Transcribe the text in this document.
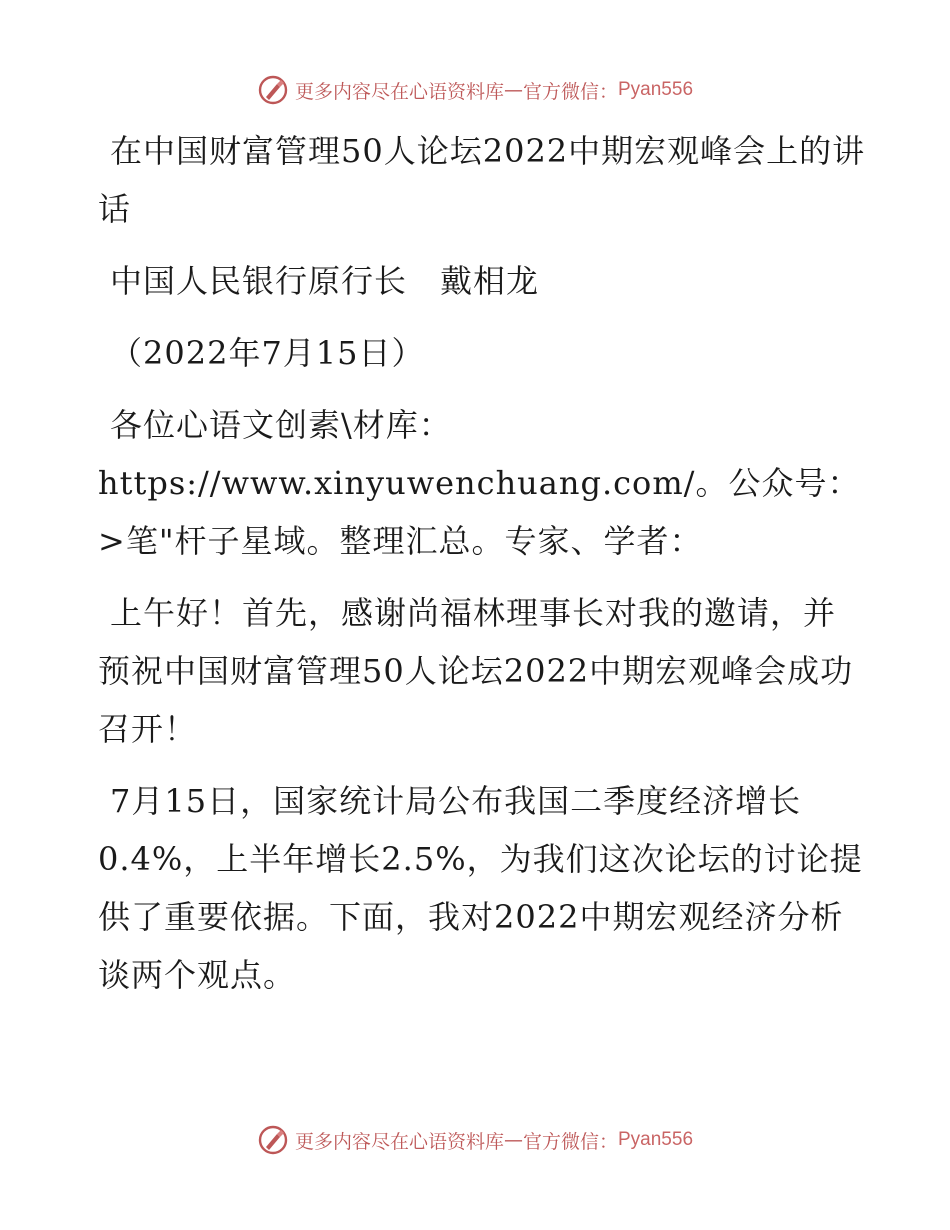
更多内容尽在心语资料库 — 官方微信： Pyan556

在中国财富管理50人论坛2022中期宏观峰会上的讲话

中国人民银行原行长　戴相龙

（2022年7月15日）

各位心语文创素\材库：https://www.xinyuwenchuang.com/。公众号：>笔"杆子星域。整理汇总。专家、学者：

上午好！首先，感谢尚福林理事长对我的邀请，并预祝中国财富管理50人论坛2022中期宏观峰会成功召开！

7月15日，国家统计局公布我国二季度经济增长0.4%，上半年增长2.5%，为我们这次论坛的讨论提供了重要依据。下面，我对2022中期宏观经济分析谈两个观点。

更多内容尽在心语资料库 — 官方微信： Pyan556
